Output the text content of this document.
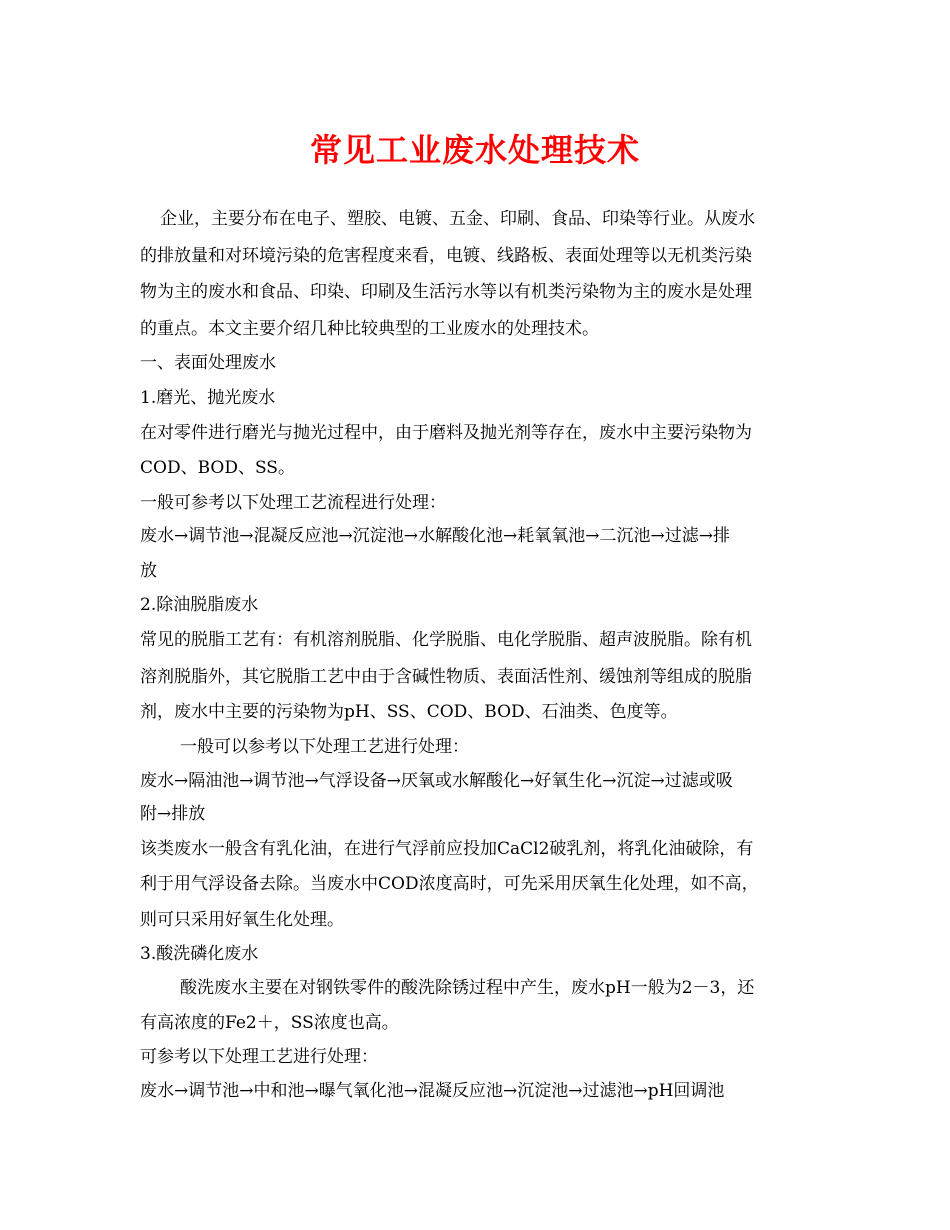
常见工业废水处理技术
企业，主要分布在电子、塑胶、电镀、五金、印刷、食品、印染等行业。从废水
的排放量和对环境污染的危害程度来看，电镀、线路板、表面处理等以无机类污染
物为主的废水和食品、印染、印刷及生活污水等以有机类污染物为主的废水是处理
的重点。本文主要介绍几种比较典型的工业废水的处理技术。
一、表面处理废水
1.磨光、抛光废水
在对零件进行磨光与抛光过程中，由于磨料及抛光剂等存在，废水中主要污染物为
COD、BOD、SS。
一般可参考以下处理工艺流程进行处理：
废水→调节池→混凝反应池→沉淀池→水解酸化池→耗氧氧池→二沉池→过滤→排
放
2.除油脱脂废水
常见的脱脂工艺有：有机溶剂脱脂、化学脱脂、电化学脱脂、超声波脱脂。除有机
溶剂脱脂外，其它脱脂工艺中由于含碱性物质、表面活性剂、缓蚀剂等组成的脱脂
剂，废水中主要的污染物为pH、SS、COD、BOD、石油类、色度等。
一般可以参考以下处理工艺进行处理：
废水→隔油池→调节池→气浮设备→厌氧或水解酸化→好氧生化→沉淀→过滤或吸
附→排放
该类废水一般含有乳化油，在进行气浮前应投加CaCl2破乳剂，将乳化油破除，有
利于用气浮设备去除。当废水中COD浓度高时，可先采用厌氧生化处理，如不高，
则可只采用好氧生化处理。
3.酸洗磷化废水
酸洗废水主要在对钢铁零件的酸洗除锈过程中产生，废水pH一般为2－3，还
有高浓度的Fe2＋，SS浓度也高。
可参考以下处理工艺进行处理：
废水→调节池→中和池→曝气氧化池→混凝反应池→沉淀池→过滤池→pH回调池
